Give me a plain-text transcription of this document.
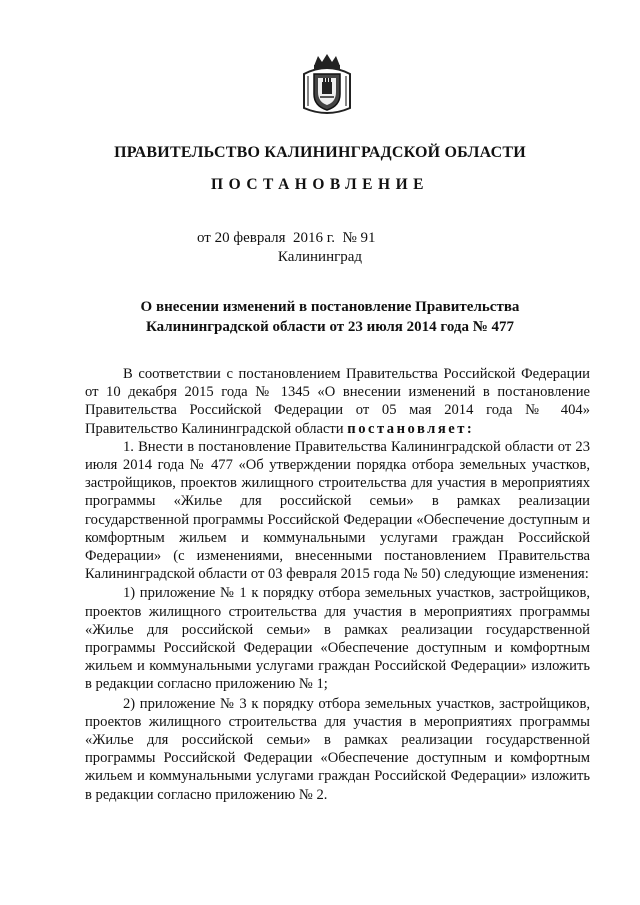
ПРАВИТЕЛЬСТВО КАЛИНИНГРАДСКОЙ ОБЛАСТИ
ПОСТАНОВЛЕНИЕ
от 20 февраля  2016 г. № 91
Калининград
О внесении изменений в постановление Правительства
Калининградской области от 23 июля 2014 года № 477

В соответствии с постановлением Правительства Российской Федерации от 10 декабря 2015 года № 1345 «О внесении изменений в постановление Правительства Российской Федерации от 05 мая 2014 года № 404» Правительство Калининградской области постановляет:

1. Внести в постановление Правительства Калининградской области от 23 июля 2014 года № 477 «Об утверждении порядка отбора земельных участков, застройщиков, проектов жилищного строительства для участия в мероприятиях программы «Жилье для российской семьи» в рамках реализации государственной программы Российской Федерации «Обеспечение доступным и комфортным жильем и коммунальными услугами граждан Российской Федерации» (с изменениями, внесенными постановлением Правительства Калининградской области от 03 февраля 2015 года № 50) следующие изменения:

1) приложение № 1 к порядку отбора земельных участков, застройщиков, проектов жилищного строительства для участия в мероприятиях программы «Жилье для российской семьи» в рамках реализации государственной программы Российской Федерации «Обеспечение доступным и комфортным жильем и коммунальными услугами граждан Российской Федерации» изложить в редакции согласно приложению № 1;

2) приложение № 3 к порядку отбора земельных участков, застройщиков, проектов жилищного строительства для участия в мероприятиях программы «Жилье для российской семьи» в рамках реализации государственной программы Российской Федерации «Обеспечение доступным и комфортным жильем и коммунальными услугами граждан Российской Федерации» изложить в редакции согласно приложению № 2.
